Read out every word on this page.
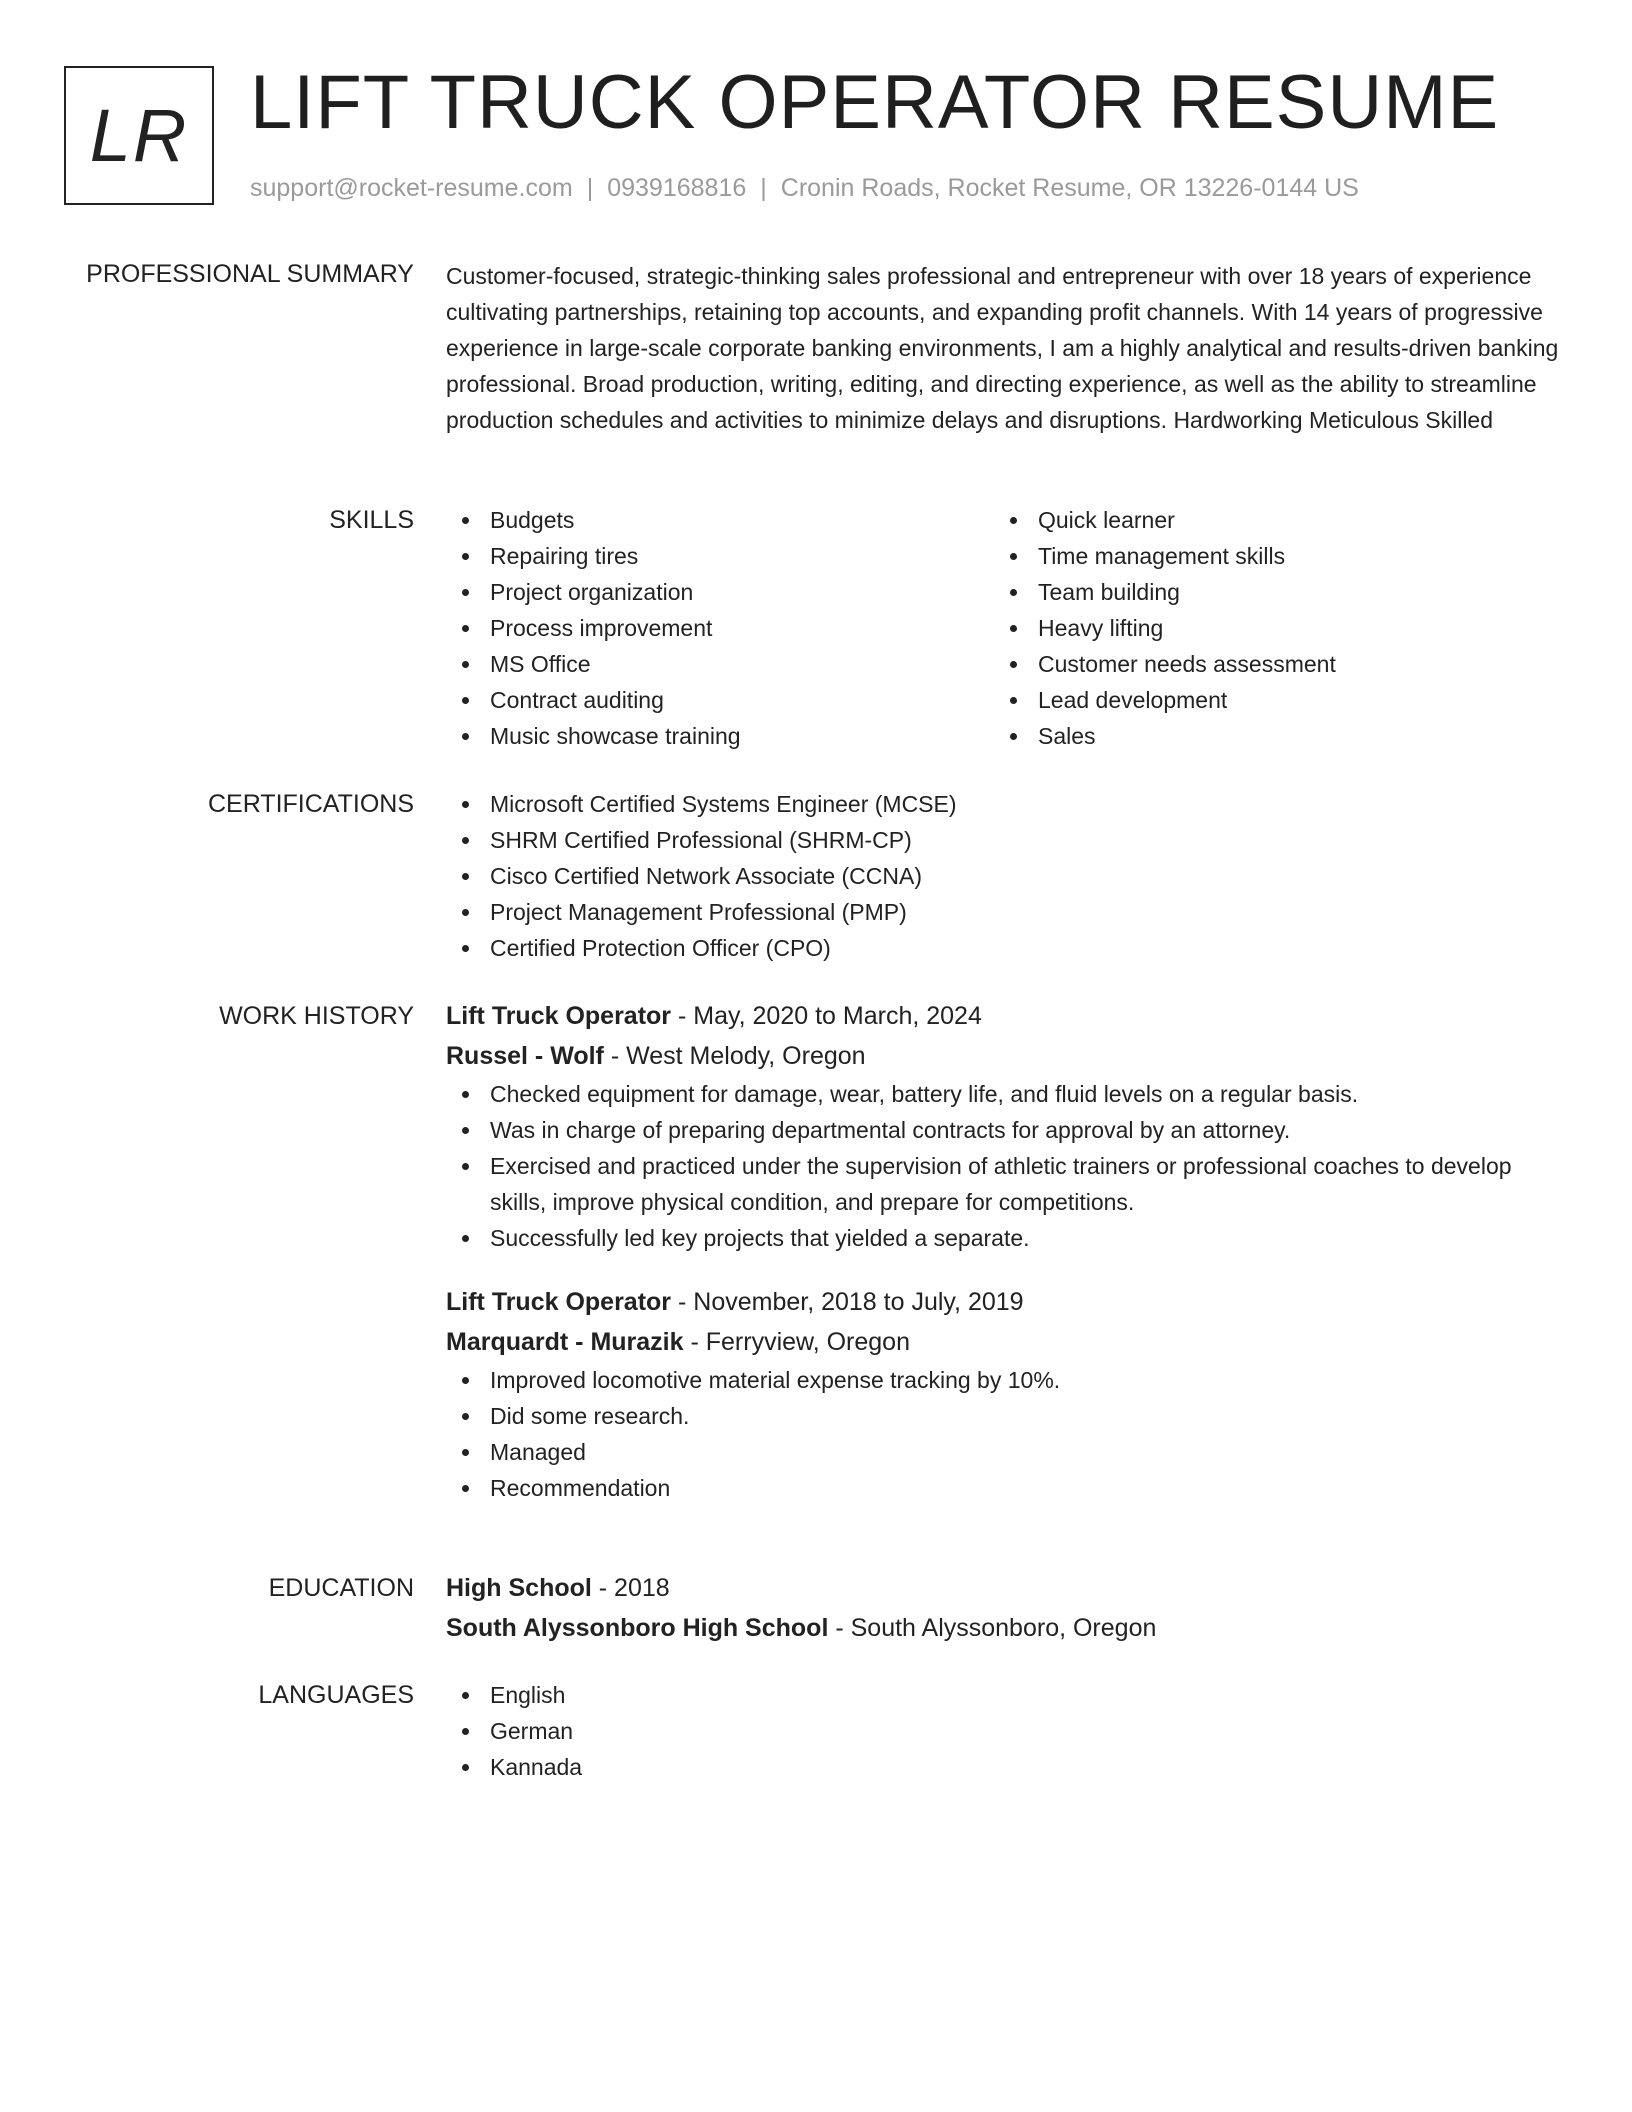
LR LIFT TRUCK OPERATOR RESUME
support@rocket-resume.com | 0939168816 | Cronin Roads, Rocket Resume, OR 13226-0144 US
PROFESSIONAL SUMMARY Customer-focused, strategic-thinking sales professional and entrepreneur with over 18 years of experience cultivating partnerships, retaining top accounts, and expanding profit channels. With 14 years of progressive experience in large-scale corporate banking environments, I am a highly analytical and results-driven banking professional. Broad production, writing, editing, and directing experience, as well as the ability to streamline production schedules and activities to minimize delays and disruptions. Hardworking Meticulous Skilled
SKILLS	Budgets
Repairing tires
Project organization
Process improvement
MS Office
Contract auditing
Music showcase training
Quick learner
Time management skills
Team building
Heavy lifting
Customer needs assessment
Lead development
Sales
CERTIFICATIONS	Microsoft Certified Systems Engineer (MCSE)
SHRM Certified Professional (SHRM-CP)
Cisco Certified Network Associate (CCNA)
Project Management Professional (PMP)
Certified Protection Officer (CPO)
WORK HISTORY Lift Truck Operator - May, 2020 to March, 2024
Russel - Wolf - West Melody, Oregon
Checked equipment for damage, wear, battery life, and fluid levels on a regular basis.
Was in charge of preparing departmental contracts for approval by an attorney.
Exercised and practiced under the supervision of athletic trainers or professional coaches to develop skills, improve physical condition, and prepare for competitions.
Successfully led key projects that yielded a separate.
Lift Truck Operator - November, 2018 to July, 2019
Marquardt - Murazik - Ferryview, Oregon
Improved locomotive material expense tracking by 10%.
Did some research.
Managed
Recommendation
EDUCATION High School - 2018
South Alyssonboro High School - South Alyssonboro, Oregon
LANGUAGES	English
German
Kannada
